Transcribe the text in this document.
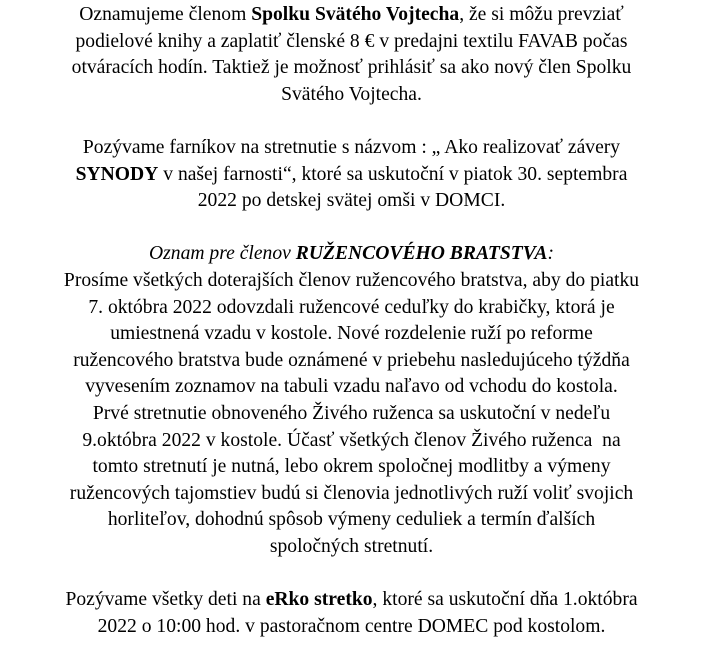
Oznamujeme členom Spolku Svätého Vojtecha, že si môžu prevziať
podielové knihy a zaplatiť členské 8 € v predajni textilu FAVAB počas
otváracích hodín. Taktiež je možnosť prihlásiť sa ako nový člen Spolku
Svätého Vojtecha.

Pozývame farníkov na stretnutie s názvom : „ Ako realizovať závery
SYNODY v našej farnosti“, ktoré sa uskutoční v piatok 30. septembra
2022 po detskej svätej omši v DOMCI.

Oznam pre členov RUŽENCOVÉHO BRATSTVA:
Prosíme všetkých doterajších členov ružencového bratstva, aby do piatku
7. októbra 2022 odovzdali ružencové ceduľky do krabičky, ktorá je
umiestnená vzadu v kostole. Nové rozdelenie ruží po reforme
ružencového bratstva bude oznámené v priebehu nasledujúceho týždňa
vyvesením zoznamov na tabuli vzadu naľavo od vchodu do kostola.
Prvé stretnutie obnoveného Živého ruženca sa uskutoční v nedeľu
9.októbra 2022 v kostole. Účasť všetkých členov Živého ruženca  na
tomto stretnutí je nutná, lebo okrem spoločnej modlitby a výmeny
ružencových tajomstiev budú si členovia jednotlivých ruží voliť svojich
horliteľov, dohodnú spôsob výmeny ceduliek a termín ďalších
spoločných stretnutí.

Pozývame všetky deti na eRko stretko, ktoré sa uskutoční dňa 1.októbra
2022 o 10:00 hod. v pastoračnom centre DOMEC pod kostolom.
